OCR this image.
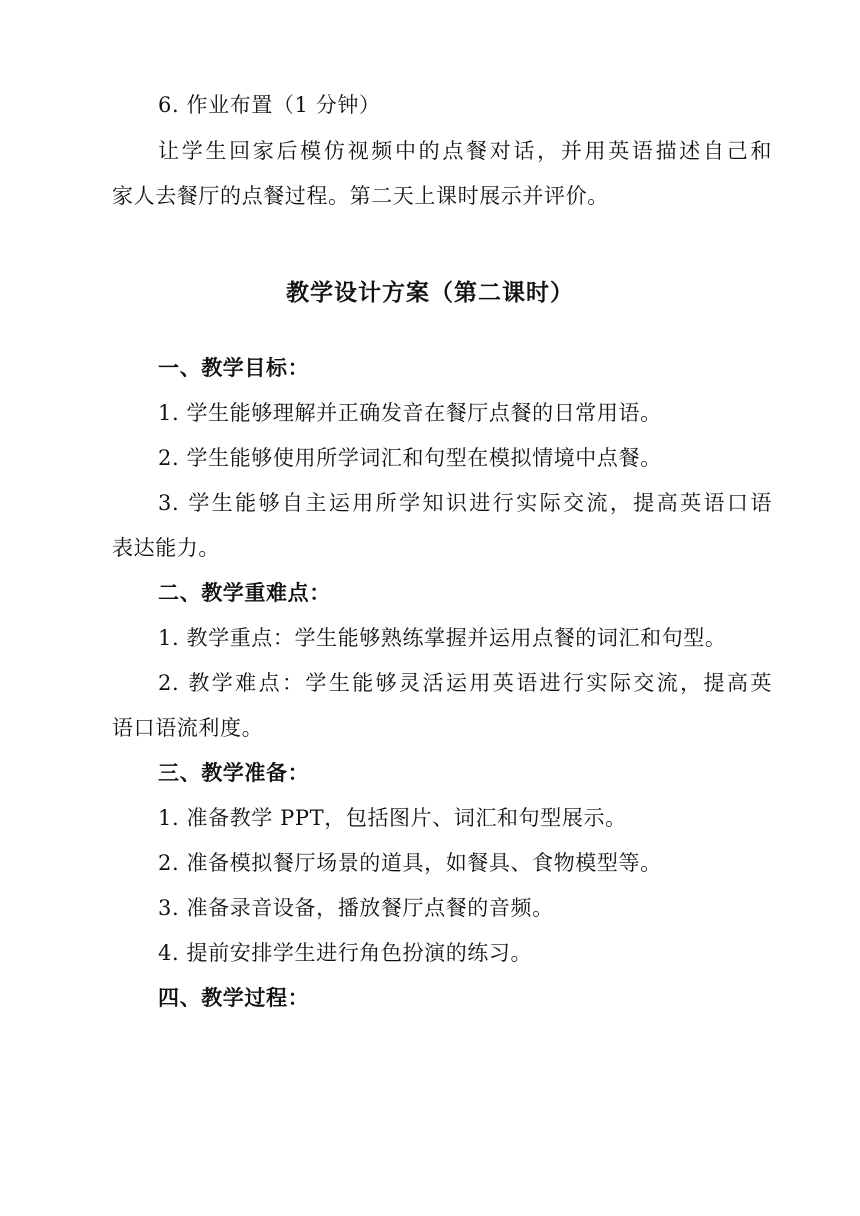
6. 作业布置（1 分钟）
让学生回家后模仿视频中的点餐对话，并用英语描述自己和
家人去餐厅的点餐过程。第二天上课时展示并评价。
教学设计方案（第二课时）
一、教学目标：
1. 学生能够理解并正确发音在餐厅点餐的日常用语。
2. 学生能够使用所学词汇和句型在模拟情境中点餐。
3. 学生能够自主运用所学知识进行实际交流，提高英语口语
表达能力。
二、教学重难点：
1. 教学重点：学生能够熟练掌握并运用点餐的词汇和句型。
2. 教学难点：学生能够灵活运用英语进行实际交流，提高英
语口语流利度。
三、教学准备：
1. 准备教学 PPT，包括图片、词汇和句型展示。
2. 准备模拟餐厅场景的道具，如餐具、食物模型等。
3. 准备录音设备，播放餐厅点餐的音频。
4. 提前安排学生进行角色扮演的练习。
四、教学过程：
